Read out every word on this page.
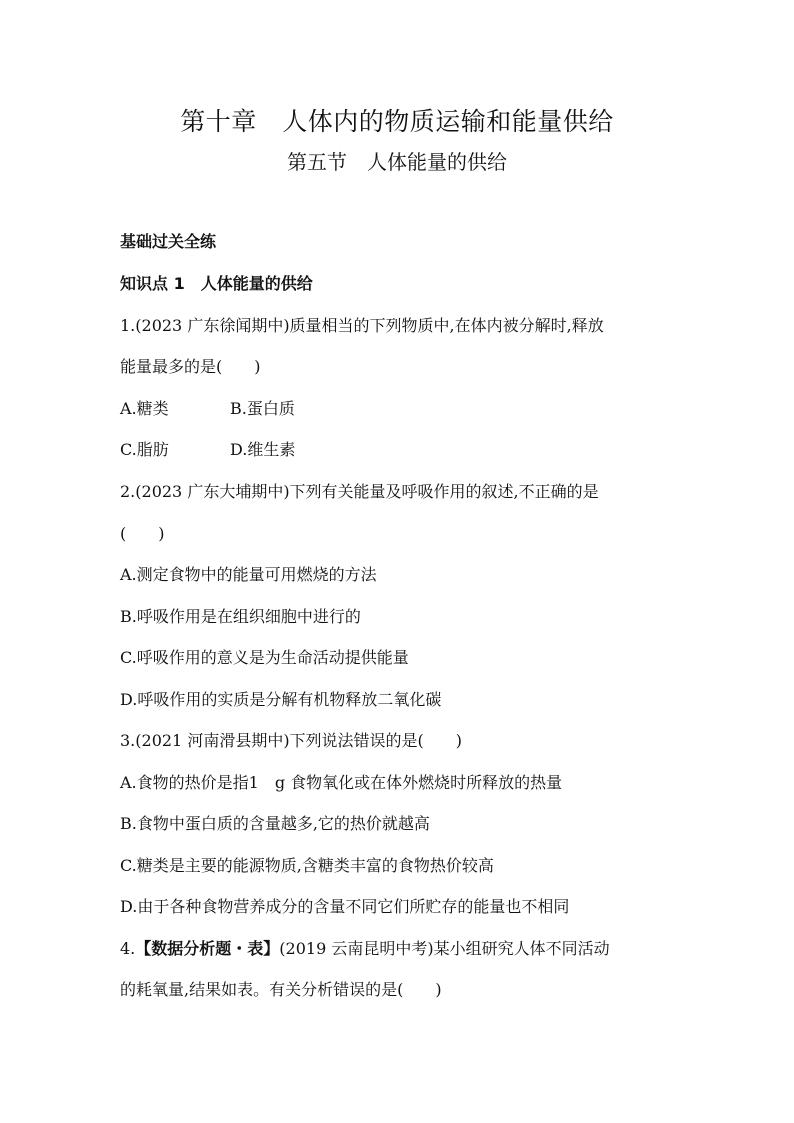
第十章　人体内的物质运输和能量供给
第五节　人体能量的供给
基础过关全练
知识点 1　人体能量的供给
1.(2023 广东徐闻期中)质量相当的下列物质中,在体内被分解时,释放
能量最多的是(　　)
A.糖类	B.蛋白质
C.脂肪	D.维生素
2.(2023 广东大埔期中)下列有关能量及呼吸作用的叙述,不正确的是
(　　)
A.测定食物中的能量可用燃烧的方法
B.呼吸作用是在组织细胞中进行的
C.呼吸作用的意义是为生命活动提供能量
D.呼吸作用的实质是分解有机物释放二氧化碳
3.(2021 河南滑县期中)下列说法错误的是(　　)
A.食物的热价是指1　g 食物氧化或在体外燃烧时所释放的热量
B.食物中蛋白质的含量越多,它的热价就越高
C.糖类是主要的能源物质,含糖类丰富的食物热价较高
D.由于各种食物营养成分的含量不同它们所贮存的能量也不相同
4.【数据分析题・表】(2019 云南昆明中考)某小组研究人体不同活动
的耗氧量,结果如表。有关分析错误的是(　　)
